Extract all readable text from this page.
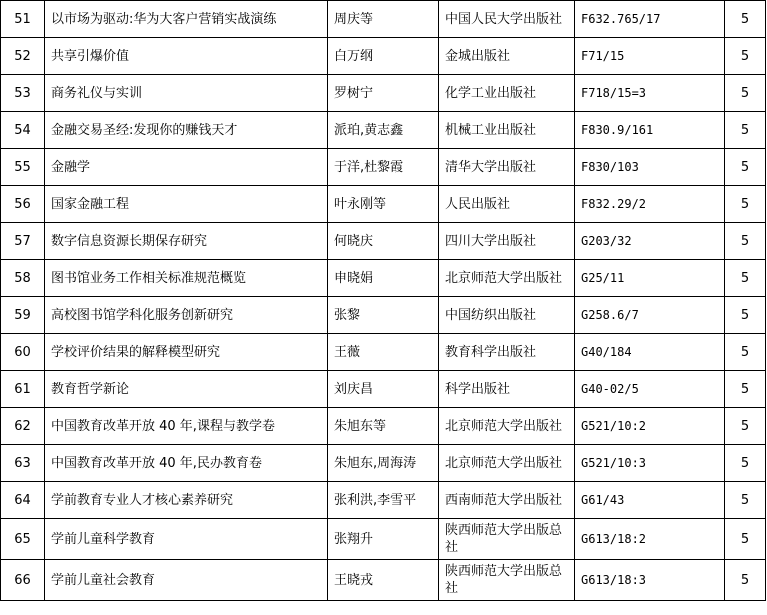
51	以市场为驱动:华为大客户营销实战演练	周庆等	中国人民大学出版社	F632.765/17	5
52	共享引爆价值	白万纲	金城出版社	F71/15	5
53	商务礼仪与实训	罗树宁	化学工业出版社	F718/15=3	5
54	金融交易圣经:发现你的赚钱天才	派珀,黄志鑫	机械工业出版社	F830.9/161	5
55	金融学	于洋,杜黎霞	清华大学出版社	F830/103	5
56	国家金融工程	叶永刚等	人民出版社	F832.29/2	5
57	数字信息资源长期保存研究	何晓庆	四川大学出版社	G203/32	5
58	图书馆业务工作相关标准规范概览	申晓娟	北京师范大学出版社	G25/11	5
59	高校图书馆学科化服务创新研究	张黎	中国纺织出版社	G258.6/7	5
60	学校评价结果的解释模型研究	王薇	教育科学出版社	G40/184	5
61	教育哲学新论	刘庆昌	科学出版社	G40-02/5	5
62	中国教育改革开放 40 年,课程与教学卷	朱旭东等	北京师范大学出版社	G521/10:2	5
63	中国教育改革开放 40 年,民办教育卷	朱旭东,周海涛	北京师范大学出版社	G521/10:3	5
64	学前教育专业人才核心素养研究	张利洪,李雪平	西南师范大学出版社	G61/43	5
65	学前儿童科学教育	张翔升	陕西师范大学出版总社	G613/18:2	5
66	学前儿童社会教育	王晓戎	陕西师范大学出版总社	G613/18:3	5
